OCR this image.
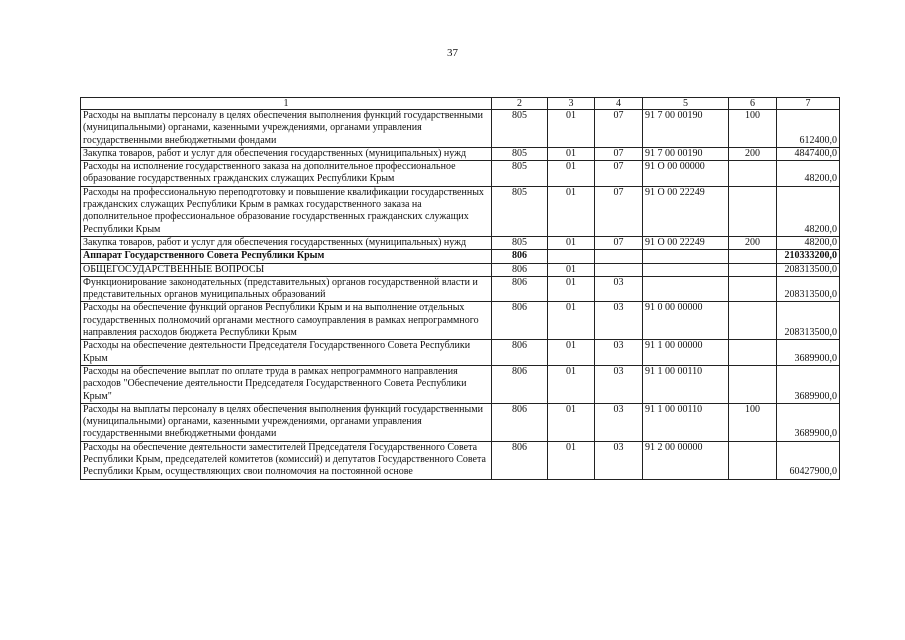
37
1	2	3	4	5	6	7
Расходы на выплаты персоналу в целях обеспечения выполнения функций государственными (муниципальными) органами, казенными учреждениями, органами управления государственными внебюджетными фондами	805	01	07	91 7 00 00190	100	612400,0
Закупка товаров, работ и услуг для обеспечения государственных (муниципальных) нужд	805	01	07	91 7 00 00190	200	4847400,0
Расходы на исполнение государственного заказа на дополнительное профессиональное образование государственных гражданских служащих Республики Крым	805	01	07	91 О 00 00000		48200,0
Расходы на профессиональную переподготовку и повышение квалификации государственных гражданских служащих Республики Крым в рамках государственного заказа на дополнительное профессиональное образование государственных гражданских служащих Республики Крым	805	01	07	91 О 00 22249		48200,0
Закупка товаров, работ и услуг для обеспечения государственных (муниципальных) нужд	805	01	07	91 О 00 22249	200	48200,0
Аппарат Государственного Совета Республики Крым	806					210333200,0
ОБЩЕГОСУДАРСТВЕННЫЕ ВОПРОСЫ	806	01				208313500,0
Функционирование законодательных (представительных) органов государственной власти и представительных органов муниципальных образований	806	01	03			208313500,0
Расходы на обеспечение функций органов Республики Крым и на выполнение отдельных государственных полномочий органами местного самоуправления в рамках непрограммного направления расходов бюджета Республики Крым	806	01	03	91 0 00 00000		208313500,0
Расходы на обеспечение деятельности Председателя Государственного Совета Республики Крым	806	01	03	91 1 00 00000		3689900,0
Расходы на обеспечение выплат по оплате труда в рамках непрограммного направления расходов "Обеспечение деятельности Председателя Государственного Совета Республики Крым"	806	01	03	91 1 00 00110		3689900,0
Расходы на выплаты персоналу в целях обеспечения выполнения функций государственными (муниципальными) органами, казенными учреждениями, органами управления государственными внебюджетными фондами	806	01	03	91 1 00 00110	100	3689900,0
Расходы на обеспечение деятельности заместителей Председателя Государственного Совета Республики Крым, председателей комитетов (комиссий) и депутатов Государственного Совета Республики Крым, осуществляющих свои полномочия на постоянной основе	806	01	03	91 2 00 00000		60427900,0
